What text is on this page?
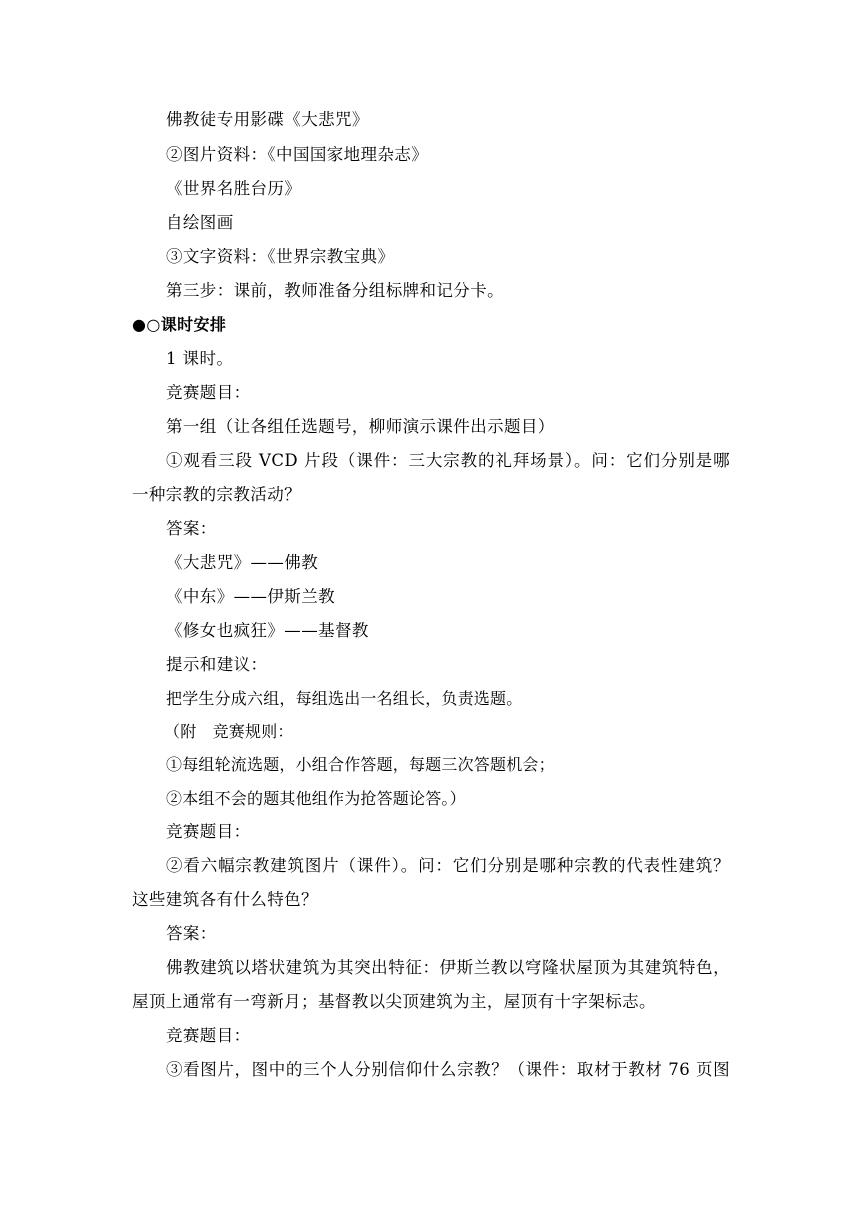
佛教徒专用影碟《大悲咒》
②图片资料：《中国国家地理杂志》
《世界名胜台历》
自绘图画
③文字资料：《世界宗教宝典》
第三步：课前，教师准备分组标牌和记分卡。
●○课时安排
1 课时。
竞赛题目：
第一组（让各组任选题号，柳师演示课件出示题目）
①观看三段 VCD 片段（课件：三大宗教的礼拜场景）。问：它们分别是哪
一种宗教的宗教活动？
答案：
《大悲咒》——佛教
《中东》——伊斯兰教
《修女也疯狂》——基督教
提示和建议：
把学生分成六组，每组选出一名组长，负责选题。
（附　竞赛规则：
①每组轮流选题，小组合作答题，每题三次答题机会；
②本组不会的题其他组作为抢答题论答。）
竞赛题目：
②看六幅宗教建筑图片（课件）。问：它们分别是哪种宗教的代表性建筑？
这些建筑各有什么特色？
答案：
佛教建筑以塔状建筑为其突出特征：伊斯兰教以穹隆状屋顶为其建筑特色，
屋顶上通常有一弯新月；基督教以尖顶建筑为主，屋顶有十字架标志。
竞赛题目：
③看图片，图中的三个人分别信仰什么宗教？（课件：取材于教材 76 页图
